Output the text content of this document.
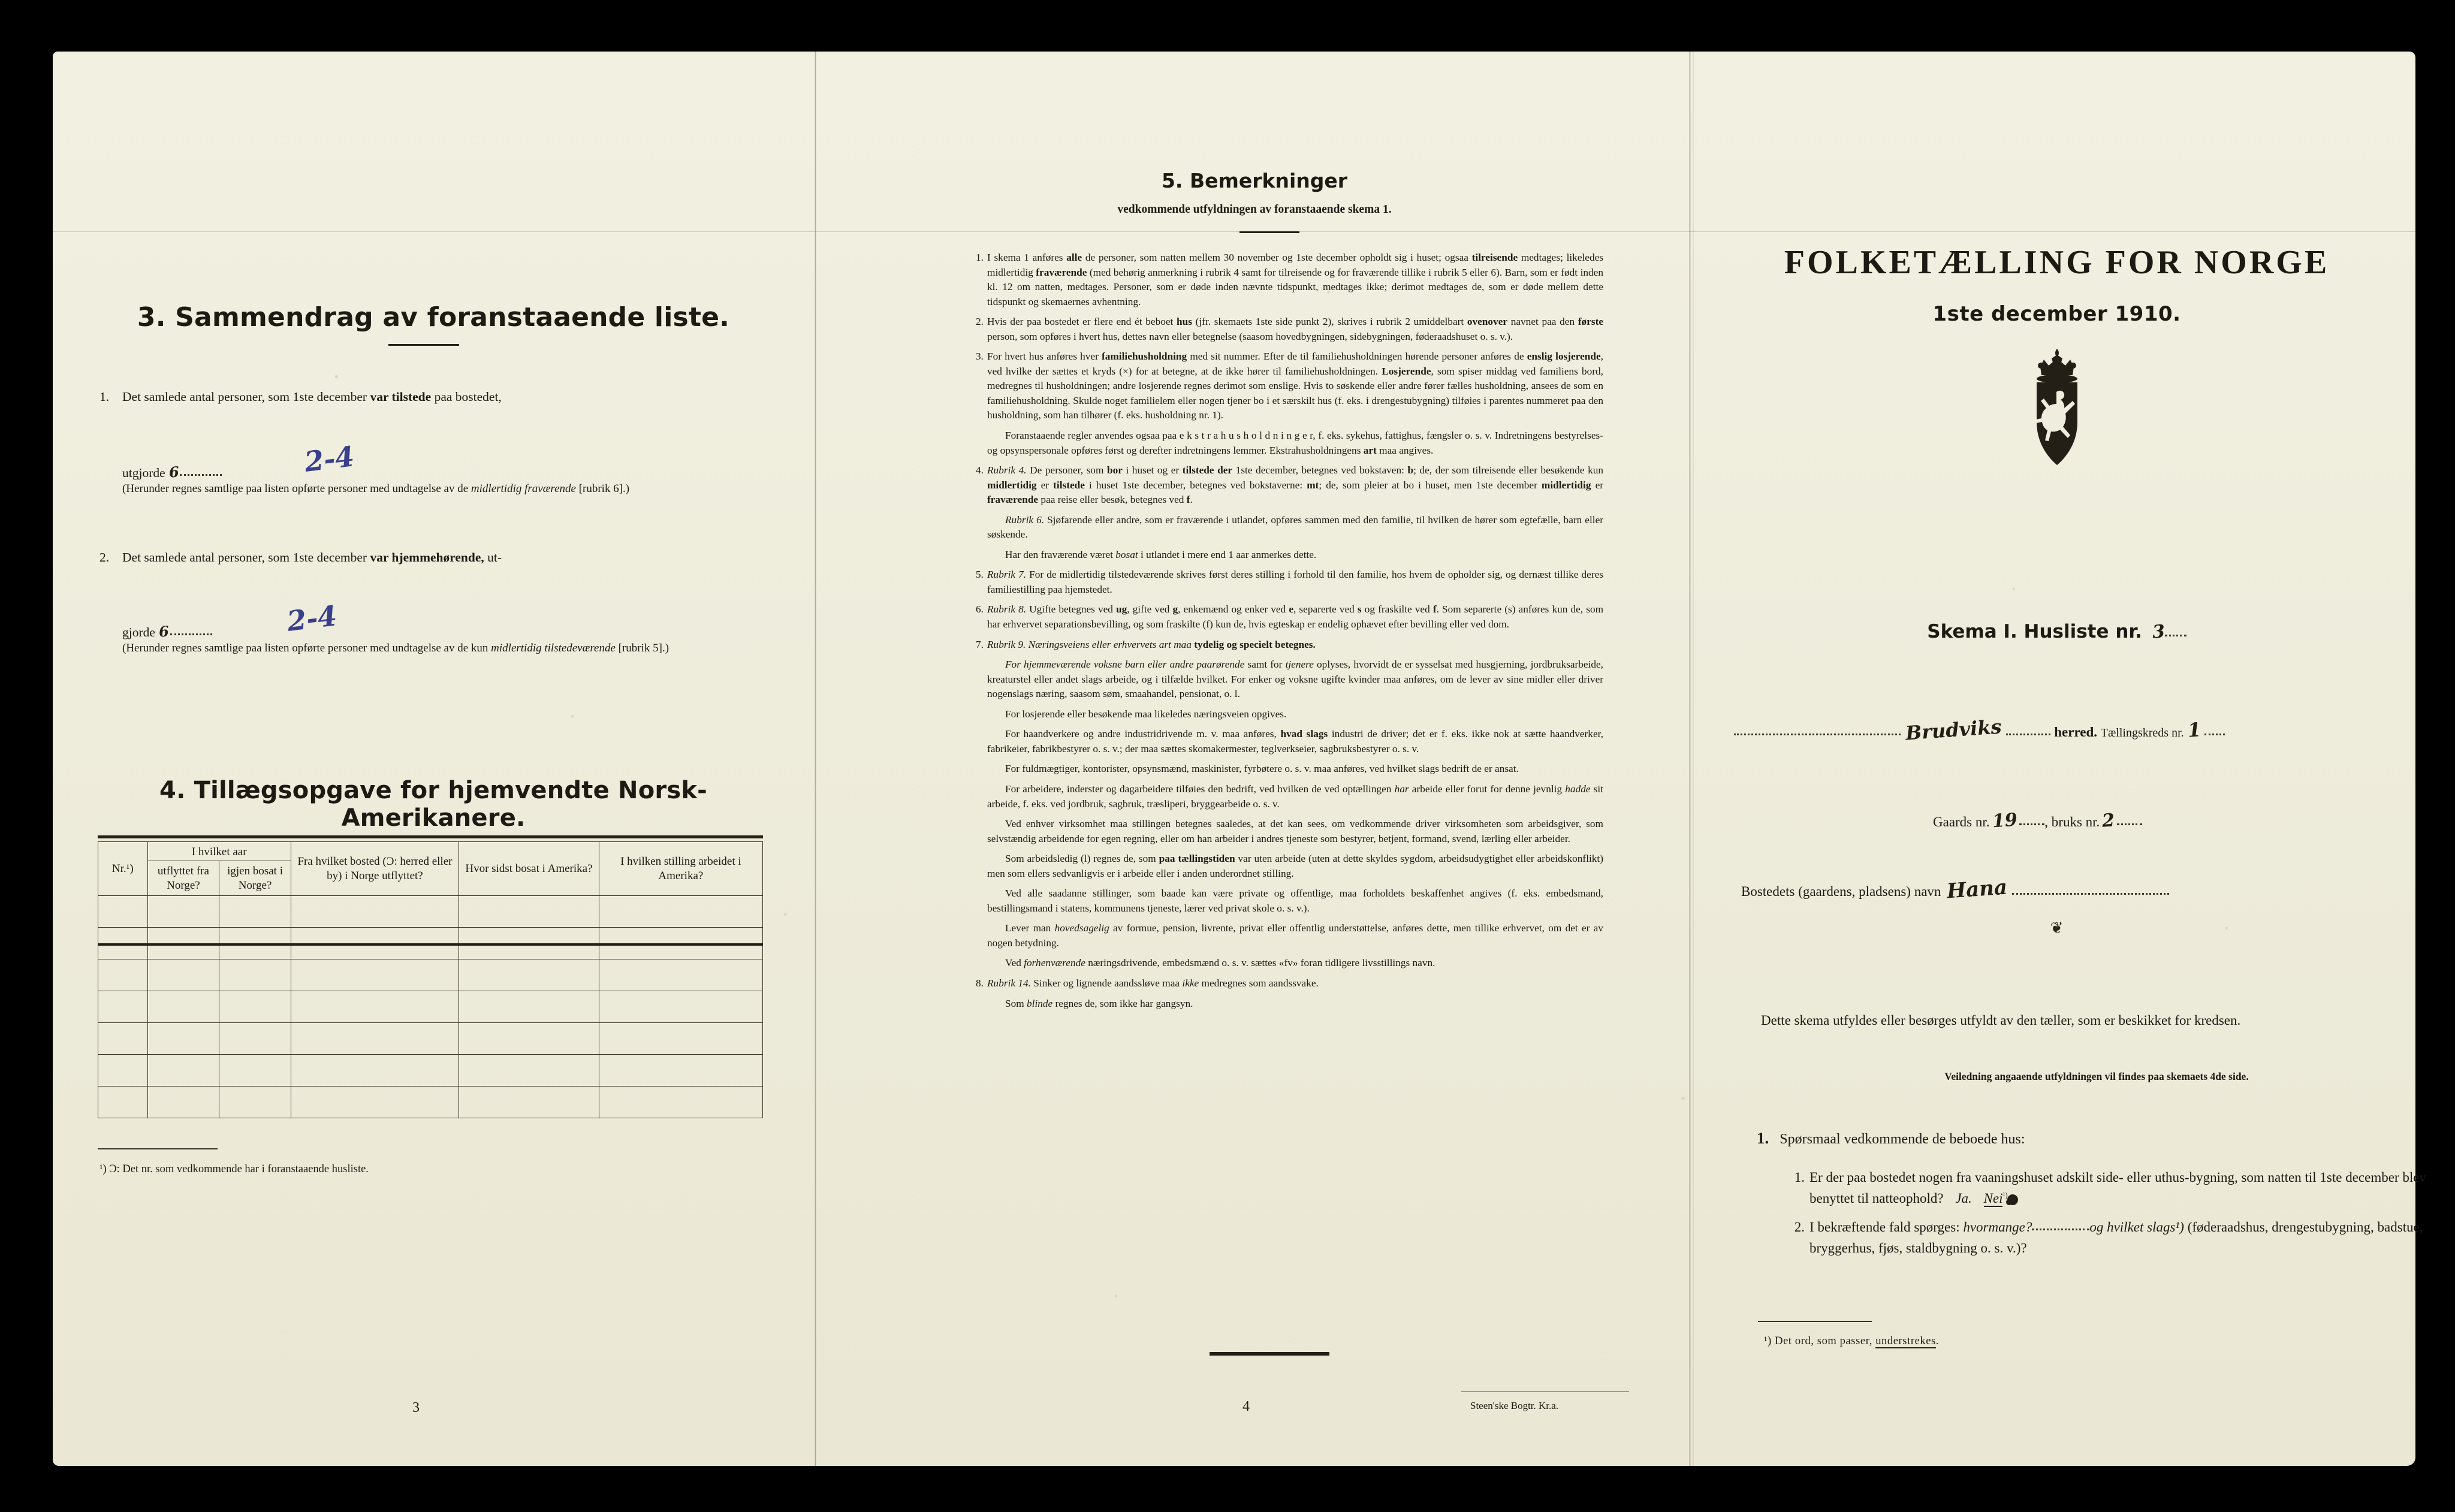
3. Sammendrag av foranstaaende liste.
1. Det samlede antal personer, som 1ste december var tilstede paa bostedet,
utgjorde 6	2-4
(Herunder regnes samtlige paa listen opførte personer med undtagelse av de midlertidig fraværende [rubrik 6].)
2. Det samlede antal personer, som 1ste december var hjemmehørende, ut-
gjorde 6	2-4
(Herunder regnes samtlige paa listen opførte personer med undtagelse av de kun midlertidig tilstedeværende [rubrik 5].)
4. Tillægsopgave for hjemvendte Norsk-Amerikanere.
Nr.¹)	I hvilket aar		Fra hvilket bosted (Ɔ: herred eller by) i Norge utflyttet?	Hvor sidst bosat i Amerika?	I hvilken stilling arbeidet i Amerika?
	utflyttet fra Norge?	igjen bosat i Norge?			

¹) Ɔ: Det nr. som vedkommende har i foranstaaende husliste.
3
5. Bemerkninger
vedkommende utfyldningen av foranstaaende skema 1.

1. I skema 1 anføres alle de personer, som natten mellem 30 november og 1ste december opholdt sig i huset; ogsaa tilreisende medtages; likeledes midlertidig fraværende (med behørig anmerkning i rubrik 4 samt for tilreisende og for fraværende tillike i rubrik 5 eller 6). Barn, som er født inden kl. 12 om natten, medtages. Personer, som er døde inden nævnte tidspunkt, medtages ikke; derimot medtages de, som er døde mellem dette tidspunkt og skemaernes avhentning.

2. Hvis der paa bostedet er flere end ét beboet hus (jfr. skemaets 1ste side punkt 2), skrives i rubrik 2 umiddelbart ovenover navnet paa den første person, som opføres i hvert hus, dettes navn eller betegnelse (saasom hovedbygningen, sidebygningen, føderaadshuset o. s. v.).

3. For hvert hus anføres hver familiehusholdning med sit nummer. Efter de til familiehusholdningen hørende personer anføres de enslig losjerende, ved hvilke der sættes et kryds (×) for at betegne, at de ikke hører til familiehusholdningen. Losjerende, som spiser middag ved familiens bord, medregnes til husholdningen; andre losjerende regnes derimot som enslige. Hvis to søskende eller andre fører fælles husholdning, ansees de som en familiehusholdning. Skulde noget familielem eller nogen tjener bo i et særskilt hus (f. eks. i drengestubygning) tilføies i parentes nummeret paa den husholdning, som han tilhører (f. eks. husholdning nr. 1).

Foranstaaende regler anvendes ogsaa paa e k s t r a h u s h o l d n i n g e r, f. eks. sykehus, fattighus, fængsler o. s. v. Indretningens bestyrelses- og opsynspersonale opføres først og derefter indretningens lemmer. Ekstrahusholdningens art maa angives.

4. Rubrik 4. De personer, som bor i huset og er tilstede der 1ste december, betegnes ved bokstaven: b; de, der som tilreisende eller besøkende kun midlertidig er tilstede i huset 1ste december, betegnes ved bokstaverne: mt; de, som pleier at bo i huset, men 1ste december midlertidig er fraværende paa reise eller besøk, betegnes ved f.

Rubrik 6. Sjøfarende eller andre, som er fraværende i utlandet, opføres sammen med den familie, til hvilken de hører som egtefælle, barn eller søskende.

Har den fraværende været bosat i utlandet i mere end 1 aar anmerkes dette.

5. Rubrik 7. For de midlertidig tilstedeværende skrives først deres stilling i forhold til den familie, hos hvem de opholder sig, og dernæst tillike deres familiestilling paa hjemstedet.

6. Rubrik 8. Ugifte betegnes ved ug, gifte ved g, enkemænd og enker ved e, separerte ved s og fraskilte ved f. Som separerte (s) anføres kun de, som har erhvervet separationsbevilling, og som fraskilte (f) kun de, hvis egteskap er endelig ophævet efter bevilling eller ved dom.

7. Rubrik 9. Næringsveiens eller erhvervets art maa tydelig og specielt betegnes.

For hjemmeværende voksne barn eller andre paarørende samt for tjenere oplyses, hvorvidt de er sysselsat med husgjerning, jordbruksarbeide, kreaturstel eller andet slags arbeide, og i tilfælde hvilket. For enker og voksne ugifte kvinder maa anføres, om de lever av sine midler eller driver nogenslags næring, saasom søm, smaahandel, pensionat, o. l.

For losjerende eller besøkende maa likeledes næringsveien opgives.

For haandverkere og andre industridrivende m. v. maa anføres, hvad slags industri de driver; det er f. eks. ikke nok at sætte haandverker, fabrikeier, fabrikbestyrer o. s. v.; der maa sættes skomakermester, teglverkseier, sagbruksbestyrer o. s. v.

For fuldmægtiger, kontorister, opsynsmænd, maskinister, fyrbøtere o. s. v. maa anføres, ved hvilket slags bedrift de er ansat.

For arbeidere, inderster og dagarbeidere tilføies den bedrift, ved hvilken de ved optællingen har arbeide eller forut for denne jevnlig hadde sit arbeide, f. eks. ved jordbruk, sagbruk, træsliperi, bryggearbeide o. s. v.

Ved enhver virksomhet maa stillingen betegnes saaledes, at det kan sees, om vedkommende driver virksomheten som arbeidsgiver, som selvstændig arbeidende for egen regning, eller om han arbeider i andres tjeneste som bestyrer, betjent, formand, svend, lærling eller arbeider.

Som arbeidsledig (l) regnes de, som paa tællingstiden var uten arbeide (uten at dette skyldes sygdom, arbeidsudygtighet eller arbeidskonflikt) men som ellers sedvanligvis er i arbeide eller i anden underordnet stilling.

Ved alle saadanne stillinger, som baade kan være private og offentlige, maa forholdets beskaffenhet angives (f. eks. embedsmand, bestillingsmand i statens, kommunens tjeneste, lærer ved privat skole o. s. v.).

Lever man hovedsagelig av formue, pension, livrente, privat eller offentlig understøttelse, anføres dette, men tillike erhvervet, om det er av nogen betydning.

Ved forhenværende næringsdrivende, embedsmænd o. s. v. sættes «fv» foran tidligere livsstillings navn.

8. Rubrik 14. Sinker og lignende aandssløve maa ikke medregnes som aandssvake.

Som blinde regnes de, som ikke har gangsyn.

4	Steen'ske Bogtr. Kr.a.
FOLKETÆLLING FOR NORGE
1ste december 1910.
Skema I. Husliste nr. 3
Brudviks	herred. Tællingskreds nr. 1
Gaards nr.19 , bruks nr.2
Bostedets (gaardens, pladsens) navn Hana
❦
Dette skema utfyldes eller besørges utfyldt av den tæller, som er beskikket for kredsen.
Veiledning angaaende utfyldningen vil findes paa skemaets 4de side.
1. Spørsmaal vedkommende de beboede hus:
1. Er der paa bostedet nogen fra vaaningshuset adskilt side- eller uthus-bygning, som natten til 1ste december blev benyttet til natteophold? Ja. Nei$^{^1)}$
2. I bekræftende fald spørges: hvormange?	og hvilket slags¹) (føderaadshus, drengestubygning, badstue, bryggerhus, fjøs, staldbygning o. s. v.)?
¹) Det ord, som passer, understrekes.
